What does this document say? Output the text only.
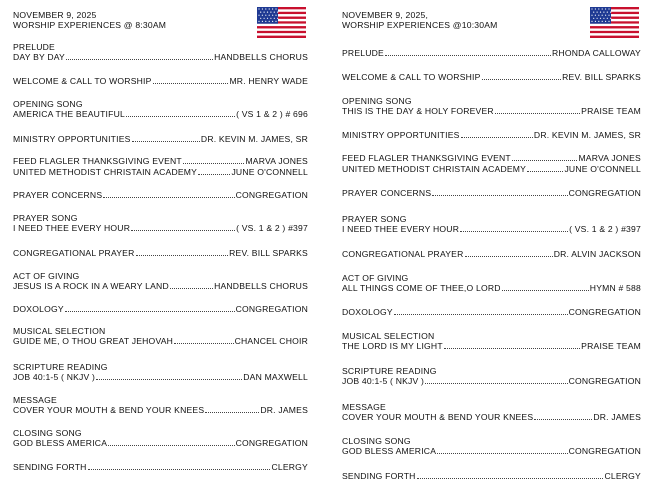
NOVEMBER 9, 2025
WORSHIP EXPERIENCES @ 8:30AM
PRELUDE
DAY BY DAY	HANDBELLS CHORUS
WELCOME & CALL TO WORSHIP	MR. HENRY WADE
OPENING SONG
AMERICA THE BEAUTIFUL	( VS 1 & 2 ) # 696
MINISTRY OPPORTUNITIES	DR. KEVIN M. JAMES, SR
FEED FLAGLER THANKSGIVING EVENT	MARVA JONES
UNITED METHODIST CHRISTAIN ACADEMY	JUNE O'CONNELL
PRAYER CONCERNS	CONGREGATION
PRAYER SONG
I NEED THEE EVERY HOUR	( VS. 1 & 2 ) #397
CONGREGATIONAL PRAYER	REV. BILL SPARKS
ACT OF GIVING
JESUS IS A ROCK IN A WEARY LAND	HANDBELLS CHORUS
DOXOLOGY	CONGREGATION
MUSICAL SELECTION
GUIDE ME, O THOU GREAT JEHOVAH	CHANCEL CHOIR
SCRIPTURE READING
JOB 40:1-5 ( NKJV )	DAN MAXWELL
MESSAGE
COVER YOUR MOUTH & BEND YOUR KNEES	DR. JAMES
CLOSING SONG
GOD BLESS AMERICA	CONGREGATION
SENDING FORTH	CLERGY
NOVEMBER 9, 2025,
WORSHIP EXPERIENCES @10:30AM
PRELUDE	RHONDA CALLOWAY
WELCOME & CALL TO WORSHIP	REV. BILL SPARKS
OPENING SONG
THIS IS THE DAY & HOLY FOREVER	PRAISE TEAM
MINISTRY OPPORTUNITIES	DR. KEVIN M. JAMES, SR
FEED FLAGLER THANKSGIVING EVENT	MARVA JONES
UNITED METHODIST CHRISTAIN ACADEMY	JUNE O'CONNELL
PRAYER CONCERNS	CONGREGATION
PRAYER SONG
I NEED THEE EVERY HOUR	( VS. 1 & 2 ) #397
CONGREGATIONAL PRAYER	DR. ALVIN JACKSON
ACT OF GIVING
ALL THINGS COME OF THEE,O LORD	HYMN # 588
DOXOLOGY	CONGREGATION
MUSICAL SELECTION
THE LORD IS MY LIGHT	PRAISE TEAM
SCRIPTURE READING
JOB 40:1-5 ( NKJV )	CONGREGATION
MESSAGE
COVER YOUR MOUTH & BEND YOUR KNEES	DR. JAMES
CLOSING SONG
GOD BLESS AMERICA	CONGREGATION
SENDING FORTH	CLERGY
